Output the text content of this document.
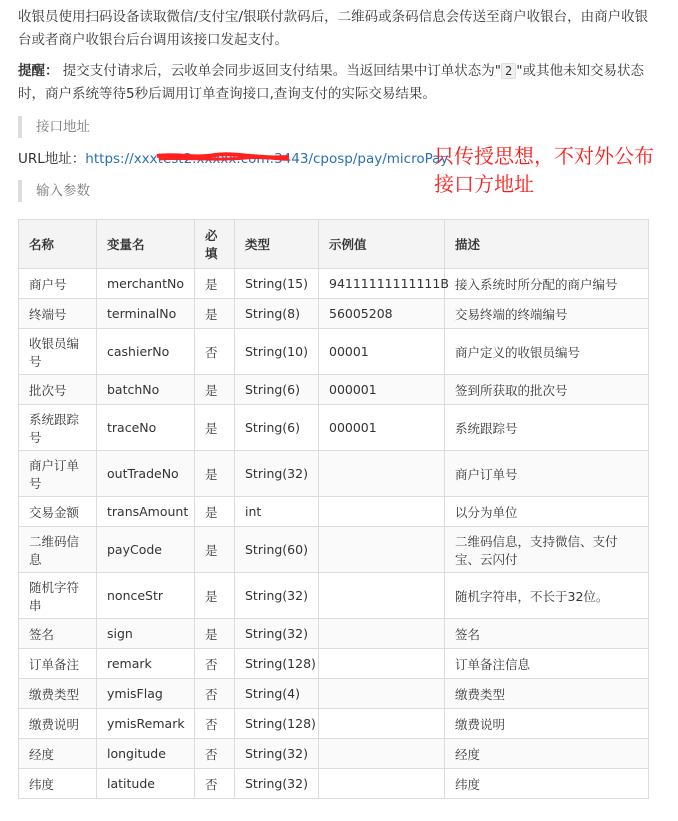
收银员使用扫码设备读取微信/支付宝/银联付款码后，二维码或条码信息会传送至商户收银台，由商户收银台或者商户收银台后台调用该接口发起支付。

提醒： 提交支付请求后，云收单会同步返回支付结果。当返回结果中订单状态为" 2 "或其他未知交易状态时，商户系统等待5秒后调用订单查询接口,查询支付的实际交易结果。

接口地址
URL地址：https://xxxtest2.xxxxx.com:3443/cposp/pay/microPay
只传授思想，不对外公布接口方地址
输入参数
名称	变量名	必填	类型	示例值	描述
商户号	merchantNo	是	String(15)	94111111111111B	接入系统时所分配的商户编号
终端号	terminalNo	是	String(8)	56005208	交易终端的终端编号
收银员编号	cashierNo	否	String(10)	00001	商户定义的收银员编号
批次号	batchNo	是	String(6)	000001	签到所获取的批次号
系统跟踪号	traceNo	是	String(6)	000001	系统跟踪号
商户订单号	outTradeNo	是	String(32)		商户订单号
交易金额	transAmount	是	int		以分为单位
二维码信息	payCode	是	String(60)		二维码信息，支持微信、支付宝、云闪付
随机字符串	nonceStr	是	String(32)		随机字符串，不长于32位。
签名	sign	是	String(32)		签名
订单备注	remark	否	String(128)		订单备注信息
缴费类型	ymisFlag	否	String(4)		缴费类型
缴费说明	ymisRemark	否	String(128)		缴费说明
经度	longitude	否	String(32)		经度
纬度	latitude	否	String(32)		纬度
